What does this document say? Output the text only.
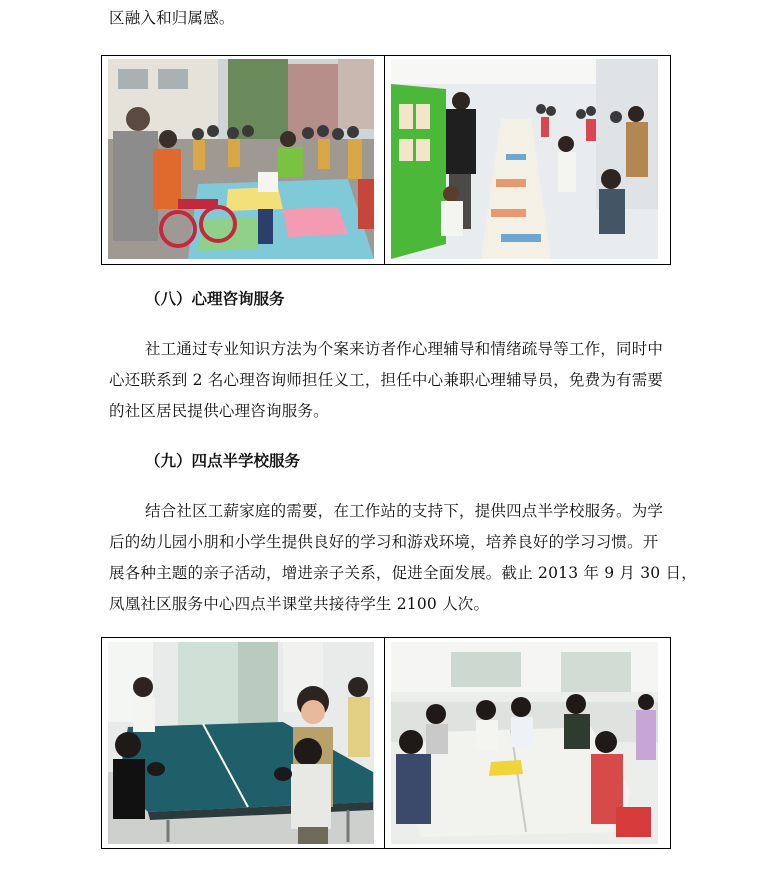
区融入和归属感。
（八）心理咨询服务
社工通过专业知识方法为个案来访者作心理辅导和情绪疏导等工作，同时中
心还联系到 2 名心理咨询师担任义工，担任中心兼职心理辅导员，免费为有需要
的社区居民提供心理咨询服务。
（九）四点半学校服务
结合社区工薪家庭的需要，在工作站的支持下，提供四点半学校服务。为学
后的幼儿园小朋和小学生提供良好的学习和游戏环境，培养良好的学习习惯。开
展各种主题的亲子活动，增进亲子关系，促进全面发展。截止 2013 年 9 月 30 日，
凤凰社区服务中心四点半课堂共接待学生 2100 人次。
